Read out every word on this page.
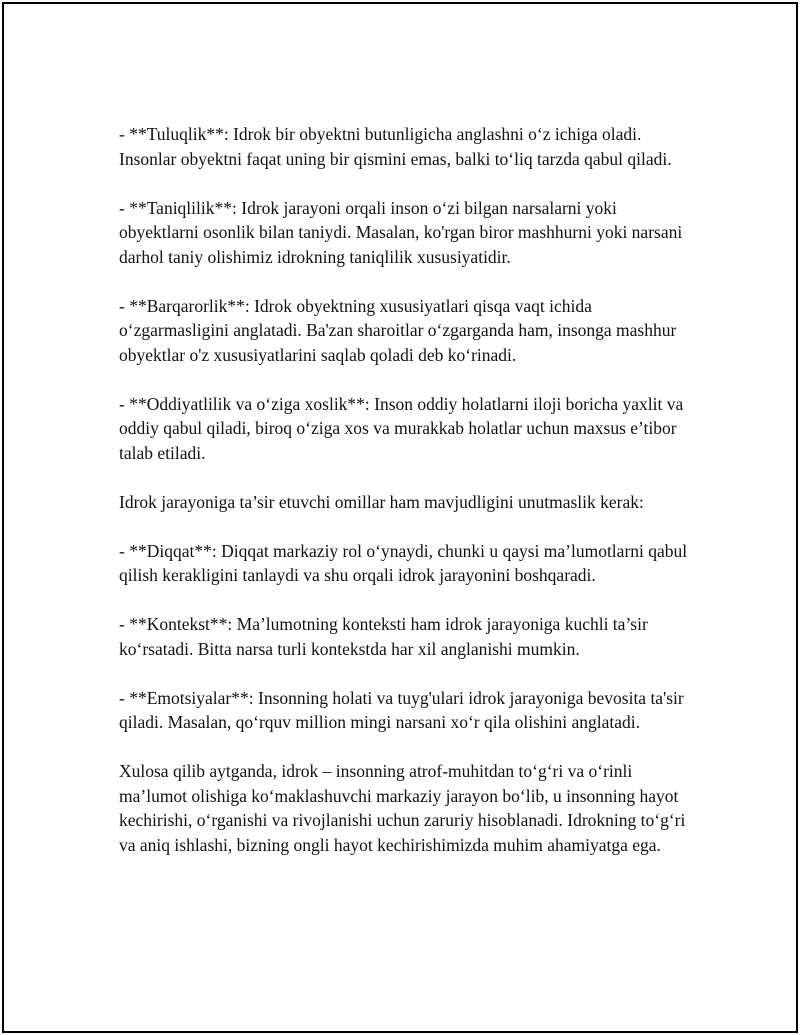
- **Tuluqlik**: Idrok bir obyektni butunligicha anglashni o‘z ichiga oladi. Insonlar obyektni faqat uning bir qismini emas, balki to‘liq tarzda qabul qiladi.

- **Taniqlilik**: Idrok jarayoni orqali inson o‘zi bilgan narsalarni yoki obyektlarni osonlik bilan taniydi. Masalan, ko'rgan biror mashhurni yoki narsani darhol taniy olishimiz idrokning taniqlilik xususiyatidir.

- **Barqarorlik**: Idrok obyektning xususiyatlari qisqa vaqt ichida o‘zgarmasligini anglatadi. Ba'zan sharoitlar o‘zgarganda ham, insonga mashhur obyektlar o'z xususiyatlarini saqlab qoladi deb ko‘rinadi.

- **Oddiyatlilik va o‘ziga xoslik**: Inson oddiy holatlarni iloji boricha yaxlit va oddiy qabul qiladi, biroq o‘ziga xos va murakkab holatlar uchun maxsus e’tibor talab etiladi.

Idrok jarayoniga ta’sir etuvchi omillar ham mavjudligini unutmaslik kerak:

- **Diqqat**: Diqqat markaziy rol o‘ynaydi, chunki u qaysi ma’lumotlarni qabul qilish kerakligini tanlaydi va shu orqali idrok jarayonini boshqaradi.

- **Kontekst**: Ma’lumotning konteksti ham idrok jarayoniga kuchli ta’sir ko‘rsatadi. Bitta narsa turli kontekstda har xil anglanishi mumkin.

- **Emotsiyalar**: Insonning holati va tuyg'ulari idrok jarayoniga bevosita ta'sir qiladi. Masalan, qo‘rquv million mingi narsani xo‘r qila olishini anglatadi.

Xulosa qilib aytganda, idrok – insonning atrof-muhitdan to‘g‘ri va o‘rinli ma’lumot olishiga ko‘maklashuvchi markaziy jarayon bo‘lib, u insonning hayot kechirishi, o‘rganishi va rivojlanishi uchun zaruriy hisoblanadi. Idrokning to‘g‘ri va aniq ishlashi, bizning ongli hayot kechirishimizda muhim ahamiyatga ega.
